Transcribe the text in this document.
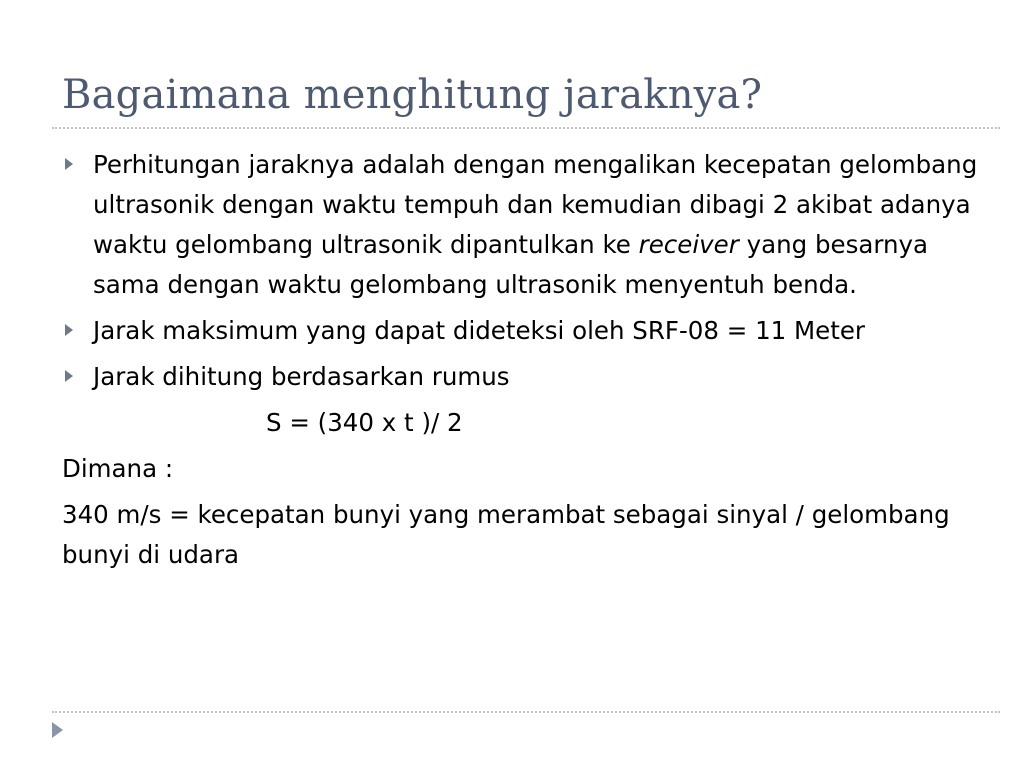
Bagaimana menghitung jaraknya?
Perhitungan jaraknya adalah dengan mengalikan kecepatan gelombang ultrasonik dengan waktu tempuh dan kemudian dibagi 2 akibat adanya waktu gelombang ultrasonik dipantulkan ke receiver yang besarnya sama dengan waktu gelombang ultrasonik menyentuh benda.
Jarak maksimum yang dapat dideteksi oleh SRF-08 = 11 Meter
Jarak dihitung berdasarkan rumus
S = (340 x t )/ 2
Dimana :
340 m/s = kecepatan bunyi yang merambat sebagai sinyal / gelombang bunyi di udara
